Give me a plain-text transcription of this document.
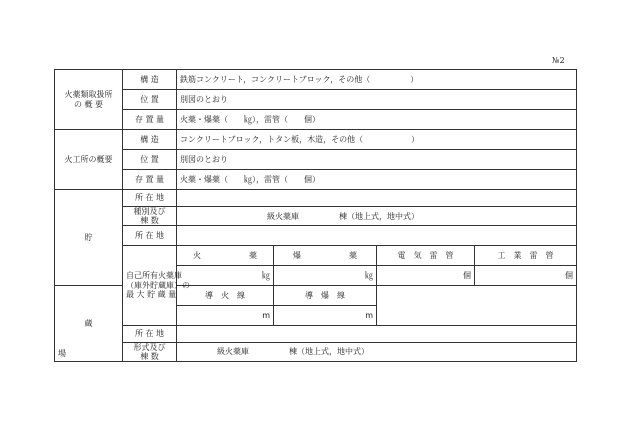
№2
火薬類取扱所
の 概 要	構 造	鉄筋コンクリート，コンクリートブロック，その他（　　　　　）			
	位 置	別図のとおり			
	存 置 量	火薬・爆薬（　　㎏），雷管（　　個）			
火工所の概要	構 造	コンクリートブロック，トタン板，木造，その他（　　　　　　）			
	位 置	別図のとおり			
	存 置 量	火薬・爆薬（　　㎏），雷管（　　個）			
貯		所 在 地				

	種別及び
棟 数	級火薬庫　　　　　棟（地上式，地中式）			

	所 在 地				

	自己所有火薬庫
（庫外貯蔵庫）の
最 大 貯 蔵 量	火　　　　　　薬	爆　　　　　　薬	電　気　雷　管	工　業　雷　管
		㎏	㎏	個	個
蔵		導　火　線	導　爆　線		
		m	m		
	所 在 地				

	形式及び
棟 数	級火薬庫　　　　　棟（地上式，地中式）			
場
